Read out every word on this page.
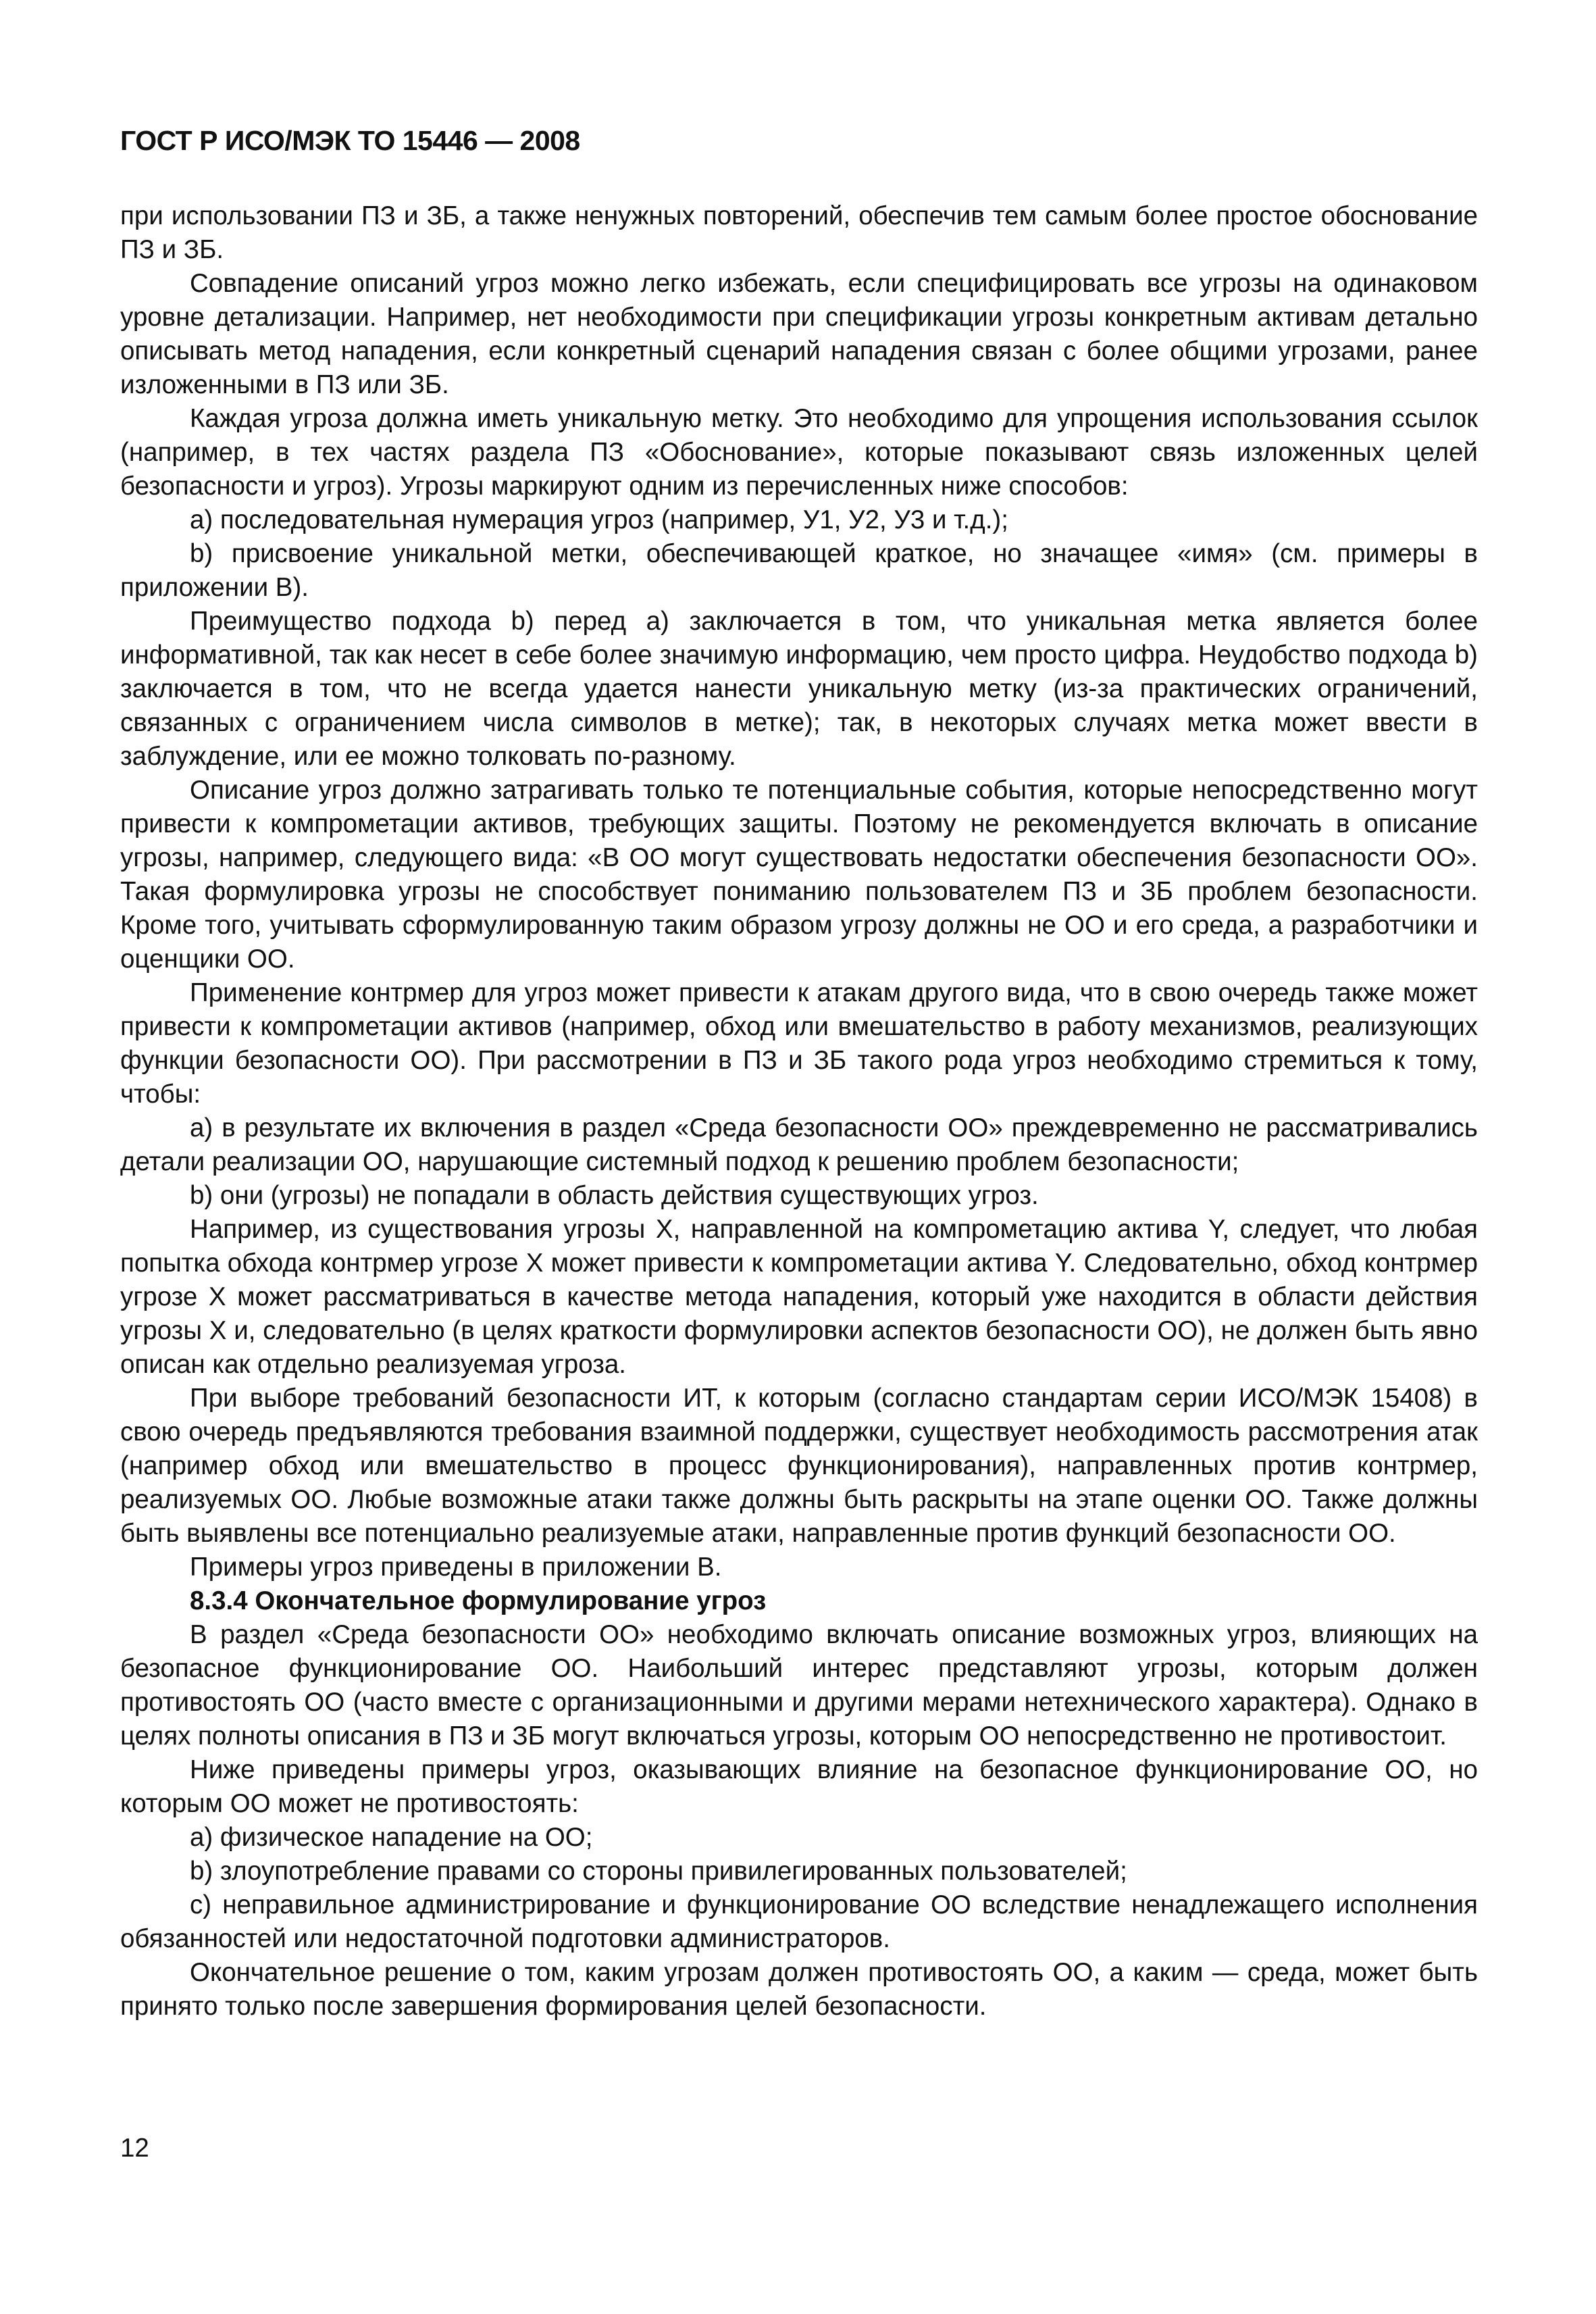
ГОСТ Р ИСО/МЭК ТО 15446 — 2008

при использовании ПЗ и ЗБ, а также ненужных повторений, обеспечив тем самым более простое обоснование ПЗ и ЗБ.

Совпадение описаний угроз можно легко избежать, если специфицировать все угрозы на одинаковом уровне детализации. Например, нет необходимости при спецификации угрозы конкретным активам детально описывать метод нападения, если конкретный сценарий нападения связан с более общими угрозами, ранее изложенными в ПЗ или ЗБ.

Каждая угроза должна иметь уникальную метку. Это необходимо для упрощения использования ссылок (например, в тех частях раздела ПЗ «Обоснование», которые показывают связь изложенных целей безопасности и угроз). Угрозы маркируют одним из перечисленных ниже способов:

a) последовательная нумерация угроз (например, У1, У2, У3 и т.д.);

b) присвоение уникальной метки, обеспечивающей краткое, но значащее «имя» (см. примеры в приложении В).

Преимущество подхода b) перед a) заключается в том, что уникальная метка является более информативной, так как несет в себе более значимую информацию, чем просто цифра. Неудобство подхода b) заключается в том, что не всегда удается нанести уникальную метку (из-за практических ограничений, связанных с ограничением числа символов в метке); так, в некоторых случаях метка может ввести в заблуждение, или ее можно толковать по-разному.

Описание угроз должно затрагивать только те потенциальные события, которые непосредственно могут привести к компрометации активов, требующих защиты. Поэтому не рекомендуется включать в описание угрозы, например, следующего вида: «В ОО могут существовать недостатки обеспечения безопасности ОО». Такая формулировка угрозы не способствует пониманию пользователем ПЗ и ЗБ проблем безопасности. Кроме того, учитывать сформулированную таким образом угрозу должны не ОО и его среда, а разработчики и оценщики ОО.

Применение контрмер для угроз может привести к атакам другого вида, что в свою очередь также может привести к компрометации активов (например, обход или вмешательство в работу механизмов, реализующих функции безопасности ОО). При рассмотрении в ПЗ и ЗБ такого рода угроз необходимо стремиться к тому, чтобы:

a) в результате их включения в раздел «Среда безопасности ОО» преждевременно не рассматривались детали реализации ОО, нарушающие системный подход к решению проблем безопасности;

b) они (угрозы) не попадали в область действия существующих угроз.

Например, из существования угрозы X, направленной на компрометацию актива Y, следует, что любая попытка обхода контрмер угрозе X может привести к компрометации актива Y. Следовательно, обход контрмер угрозе X может рассматриваться в качестве метода нападения, который уже находится в области действия угрозы X и, следовательно (в целях краткости формулировки аспектов безопасности ОО), не должен быть явно описан как отдельно реализуемая угроза.

При выборе требований безопасности ИТ, к которым (согласно стандартам серии ИСО/МЭК 15408) в свою очередь предъявляются требования взаимной поддержки, существует необходимость рассмотрения атак (например обход или вмешательство в процесс функционирования), направленных против контрмер, реализуемых ОО. Любые возможные атаки также должны быть раскрыты на этапе оценки ОО. Также должны быть выявлены все потенциально реализуемые атаки, направленные против функций безопасности ОО.

Примеры угроз приведены в приложении В.

8.3.4 Окончательное формулирование угроз

В раздел «Среда безопасности ОО» необходимо включать описание возможных угроз, влияющих на безопасное функционирование ОО. Наибольший интерес представляют угрозы, которым должен противостоять ОО (часто вместе с организационными и другими мерами нетехнического характера). Однако в целях полноты описания в ПЗ и ЗБ могут включаться угрозы, которым ОО непосредственно не противостоит.

Ниже приведены примеры угроз, оказывающих влияние на безопасное функционирование ОО, но которым ОО может не противостоять:

a) физическое нападение на ОО;

b) злоупотребление правами со стороны привилегированных пользователей;

c) неправильное администрирование и функционирование ОО вследствие ненадлежащего исполнения обязанностей или недостаточной подготовки администраторов.

Окончательное решение о том, каким угрозам должен противостоять ОО, а каким — среда, может быть принято только после завершения формирования целей безопасности.

12
